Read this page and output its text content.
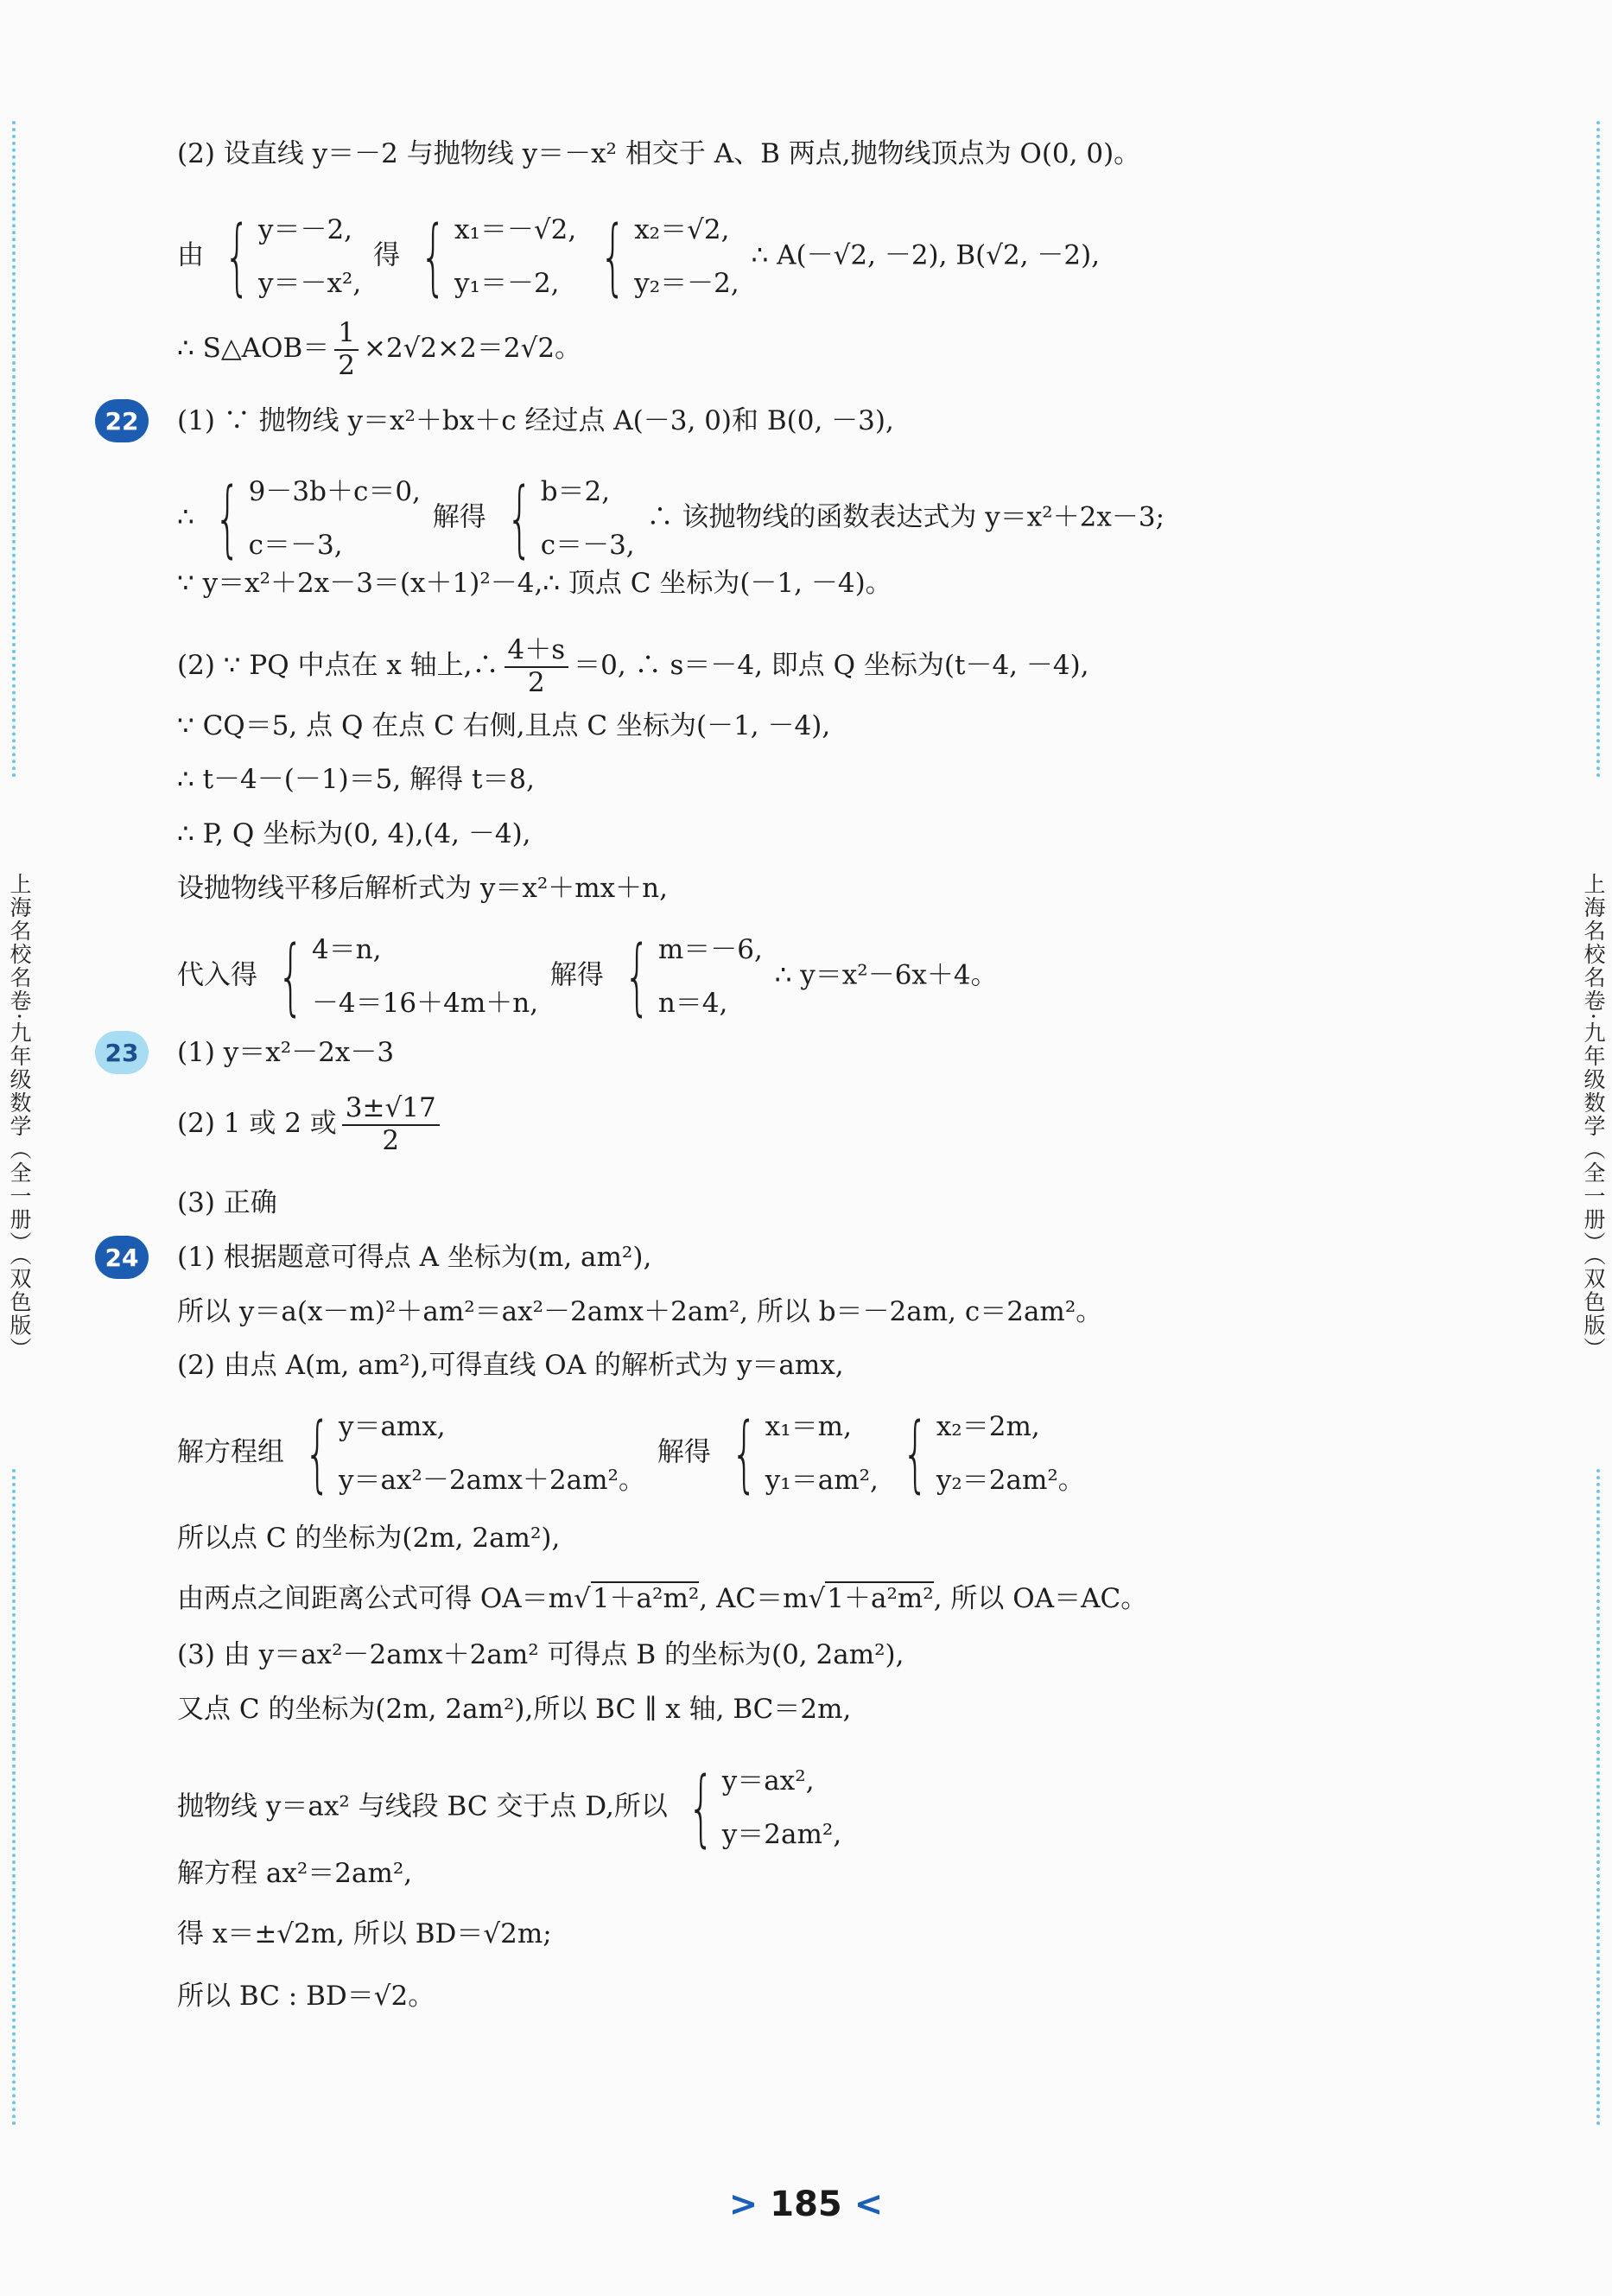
上海名校名卷·九年级数学（全一册）（双色版）	上海名校名卷·九年级数学（全一册）（双色版）
(2) 设直线 y＝－2 与抛物线 y＝－x² 相交于 A、B 两点,抛物线顶点为 O(0, 0)。
由 { y＝－2,
y＝－x²,
得 { x₁＝－√2,
y₁＝－2,
{ x₂＝√2,
y₂＝－2,
∴ A(－√2, －2), B(√2, －2),
∴ S△AOB＝ $\frac{1}{2} \times 2√2\times 2=2√2$。
22	(1) ∵ 抛物线 y＝x²＋bx＋c 经过点 A(－3, 0)和 B(0, －3),
∴ { 9－3b＋c＝0,
c＝－3,
解得 { b＝2,
c＝－3,
∴ 该抛物线的函数表达式为 y＝x²＋2x－3;
∵ y＝x²＋2x－3＝(x＋1)²－4,∴ 顶点 C 坐标为(－1, －4)。
(2) ∵ PQ 中点在 x 轴上,∴ $\frac{4+s}{2} =0$, ∴ s＝－4, 即点 Q 坐标为(t－4, －4),
∵ CQ＝5, 点 Q 在点 C 右侧,且点 C 坐标为(－1, －4),
∴ t－4－(－1)＝5, 解得 t＝8,
∴ P, Q 坐标为(0, 4),(4, －4),
设抛物线平移后解析式为 y＝x²＋mx＋n,
代入得 { 4＝n,
－4＝16＋4m＋n,
解得 { m＝－6,
n＝4,
∴ y＝x²－6x＋4。
23	(1) y＝x²－2x－3
(2) 1 或 2 或 $\frac{3\pm√17}{2}$
(3) 正确
24	(1) 根据题意可得点 A 坐标为(m, am²),
所以 y＝a(x－m)²＋am²＝ax²－2amx＋2am², 所以 b＝－2am, c＝2am²。
(2) 由点 A(m, am²),可得直线 OA 的解析式为 y＝amx,
解方程组 { y＝amx,
y＝ax²－2amx＋2am²。
解得 { x₁＝m,
y₁＝am²,
{ x₂＝2m,
y₂＝2am²。
所以点 C 的坐标为(2m, 2am²),
由两点之间距离公式可得 OA＝m√1＋a²m², AC＝m√1＋a²m², 所以 OA＝AC。
(3) 由 y＝ax²－2amx＋2am² 可得点 B 的坐标为(0, 2am²),
又点 C 的坐标为(2m, 2am²),所以 BC ∥ x 轴, BC＝2m,
抛物线 y＝ax² 与线段 BC 交于点 D,所以 { y＝ax²,
y＝2am²,
解方程 ax²＝2am²,
得 x＝±√2m, 所以 BD＝√2m;
所以 BC : BD＝√2。
> 185 <
